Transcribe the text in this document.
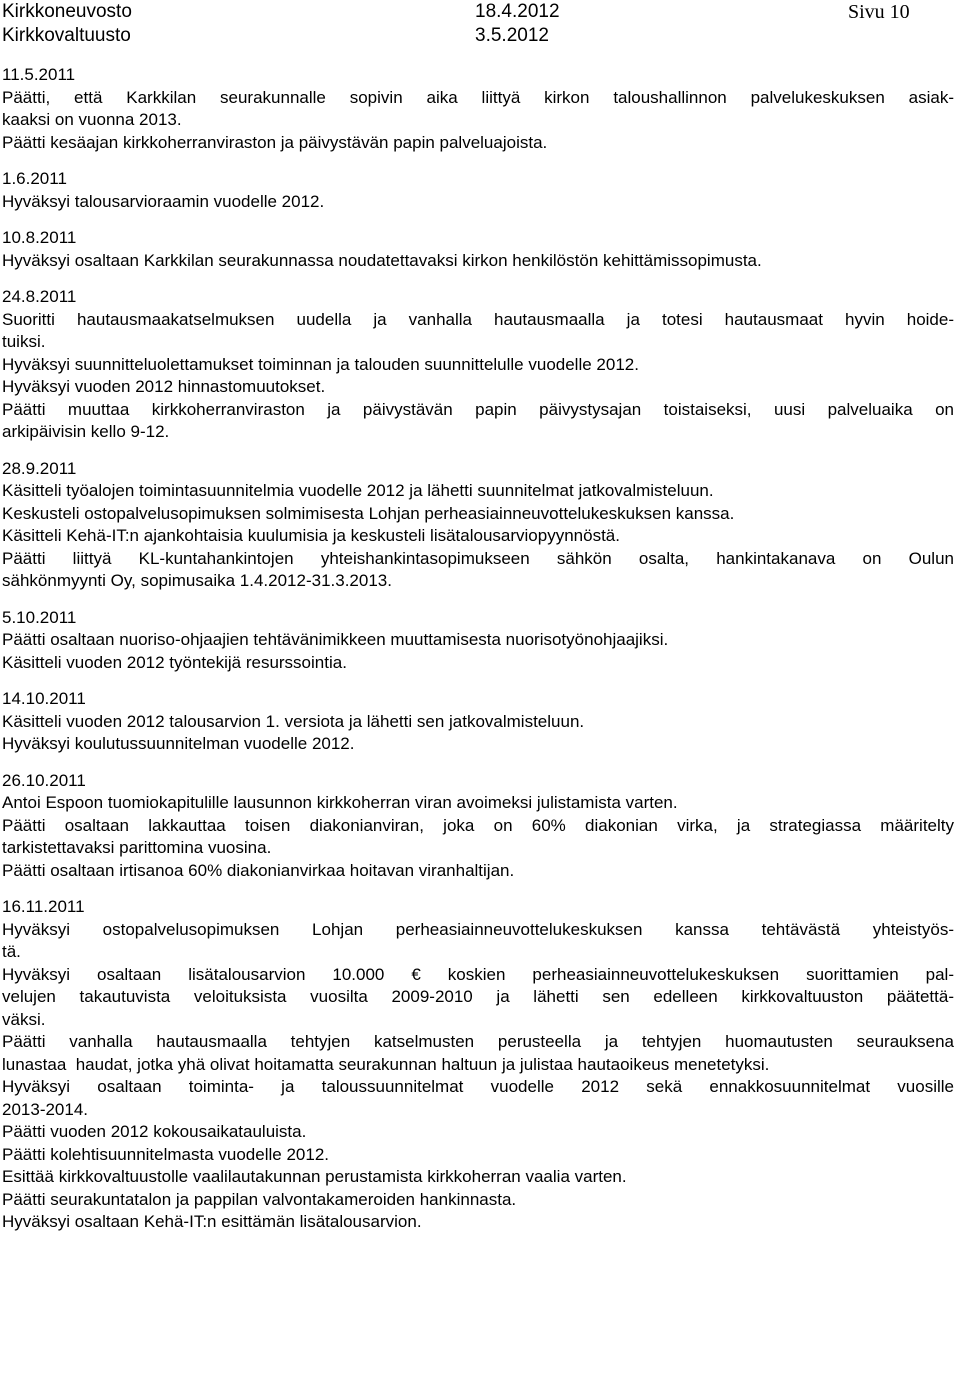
Kirkkoneuvosto	18.4.2012	Sivu 10
Kirkkovaltuusto	3.5.2012
11.5.2011
Päätti, että Karkkilan seurakunnalle sopivin aika liittyä kirkon taloushallinnon palvelukeskuksen asiak-
kaaksi on vuonna 2013.
Päätti kesäajan kirkkoherranviraston ja päivystävän papin palveluajoista.
1.6.2011
Hyväksyi talousarvioraamin vuodelle 2012.
10.8.2011
Hyväksyi osaltaan Karkkilan seurakunnassa noudatettavaksi kirkon henkilöstön kehittämissopimusta.
24.8.2011
Suoritti hautausmaakatselmuksen uudella ja vanhalla hautausmaalla ja totesi hautausmaat hyvin hoide-
tuiksi.
Hyväksyi suunnitteluolettamukset toiminnan ja talouden suunnittelulle vuodelle 2012.
Hyväksyi vuoden 2012 hinnastomuutokset.
Päätti muuttaa kirkkoherranviraston ja päivystävän papin päivystysajan toistaiseksi, uusi palveluaika on
arkipäivisin kello 9-12.
28.9.2011
Käsitteli työalojen toimintasuunnitelmia vuodelle 2012 ja lähetti suunnitelmat jatkovalmisteluun.
Keskusteli ostopalvelusopimuksen solmimisesta Lohjan perheasiainneuvottelukeskuksen kanssa.
Käsitteli Kehä-IT:n ajankohtaisia kuulumisia ja keskusteli lisätalousarviopyynnöstä.
Päätti liittyä KL-kuntahankintojen yhteishankintasopimukseen sähkön osalta, hankintakanava on Oulun
sähkönmyynti Oy, sopimusaika 1.4.2012-31.3.2013.
5.10.2011
Päätti osaltaan nuoriso-ohjaajien tehtävänimikkeen muuttamisesta nuorisotyönohjaajiksi.
Käsitteli vuoden 2012 työntekijä resurssointia.
14.10.2011
Käsitteli vuoden 2012 talousarvion 1. versiota ja lähetti sen jatkovalmisteluun.
Hyväksyi koulutussuunnitelman vuodelle 2012.
26.10.2011
Antoi Espoon tuomiokapitulille lausunnon kirkkoherran viran avoimeksi julistamista varten.
Päätti osaltaan lakkauttaa toisen diakonianviran, joka on 60% diakonian virka, ja strategiassa määritelty
tarkistettavaksi parittomina vuosina.
Päätti osaltaan irtisanoa 60% diakonianvirkaa hoitavan viranhaltijan.
16.11.2011
Hyväksyi ostopalvelusopimuksen Lohjan perheasiainneuvottelukeskuksen kanssa tehtävästä yhteistyös-
tä.
Hyväksyi osaltaan lisätalousarvion 10.000 € koskien perheasiainneuvottelukeskuksen suorittamien pal-
velujen takautuvista veloituksista vuosilta 2009-2010 ja lähetti sen edelleen kirkkovaltuuston päätettä-
väksi.
Päätti vanhalla hautausmaalla tehtyjen katselmusten perusteella ja tehtyjen huomautusten seurauksena
lunastaa  haudat, jotka yhä olivat hoitamatta seurakunnan haltuun ja julistaa hautaoikeus menetetyksi.
Hyväksyi osaltaan toiminta- ja taloussuunnitelmat vuodelle 2012 sekä ennakkosuunnitelmat vuosille
2013-2014.
Päätti vuoden 2012 kokousaikatauluista.
Päätti kolehtisuunnitelmasta vuodelle 2012.
Esittää kirkkovaltuustolle vaalilautakunnan perustamista kirkkoherran vaalia varten.
Päätti seurakuntatalon ja pappilan valvontakameroiden hankinnasta.
Hyväksyi osaltaan Kehä-IT:n esittämän lisätalousarvion.
